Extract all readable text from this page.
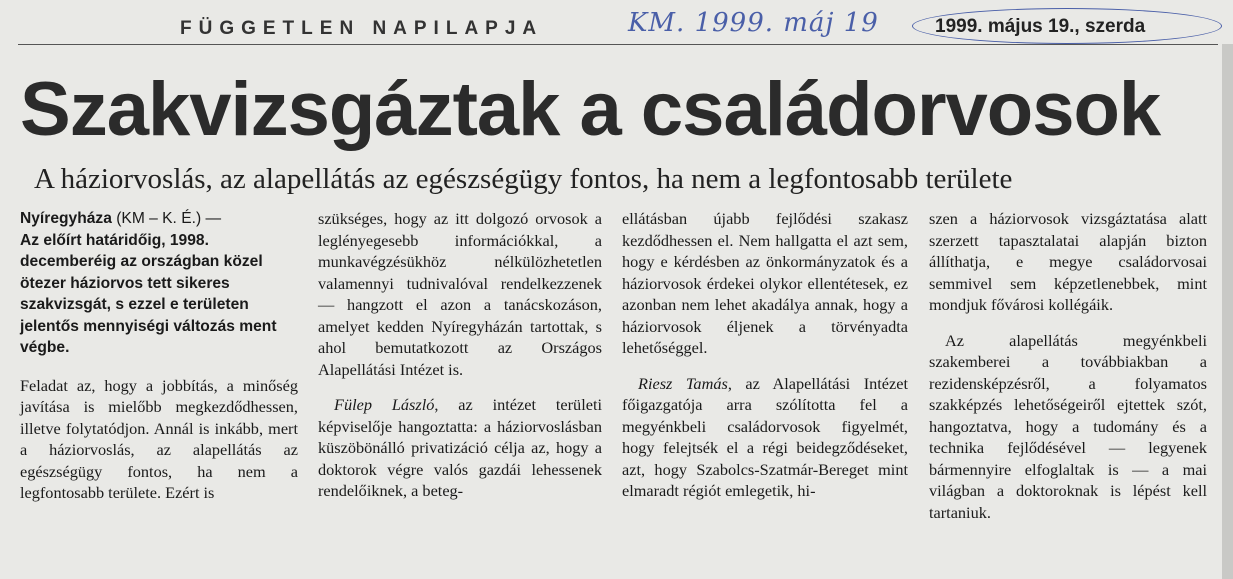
FÜGGETLEN NAPILAPJA	KM. 1999. máj 19	1999. május 19., szerda
Szakvizsgáztak a családorvosok
A háziorvoslás, az alapellátás az egészségügy fontos, ha nem a legfontosabb területe

Nyíregyháza (KM – K. É.) —
Az előírt határidőig, 1998. decemberéig az országban közel ötezer háziorvos tett sikeres szakvizsgát, s ezzel e területen jelentős mennyiségi változás ment végbe.

Feladat az, hogy a jobbítás, a minőség javítása is mielőbb megkezdődhessen, illetve folytatódjon. Annál is inkább, mert a háziorvoslás, az alapellátás az egészségügy fontos, ha nem a legfontosabb területe. Ezért is

szükséges, hogy az itt dolgozó orvosok a leglényegesebb információkkal, a munkavégzésükhöz nélkülözhetetlen valamennyi tudnivalóval rendelkezzenek — hangzott el azon a tanácskozáson, amelyet kedden Nyíregyházán tartottak, s ahol bemutatkozott az Országos Alapellátási Intézet is.

Fülep László, az intézet területi képviselője hangoztatta: a háziorvoslásban küszöbönálló privatizáció célja az, hogy a doktorok végre valós gazdái lehessenek rendelőiknek, a beteg-

ellátásban újabb fejlődési szakasz kezdődhessen el. Nem hallgatta el azt sem, hogy e kérdésben az önkormányzatok és a háziorvosok érdekei olykor ellentétesek, ez azonban nem lehet akadálya annak, hogy a háziorvosok éljenek a törvényadta lehetőséggel.

Riesz Tamás, az Alapellátási Intézet főigazgatója arra szólította fel a megyénkbeli családorvosok figyelmét, hogy felejtsék el a régi beidegződéseket, azt, hogy Szabolcs-Szatmár-Bereget mint elmaradt régiót emlegetik, hi-

szen a háziorvosok vizsgáztatása alatt szerzett tapasztalatai alapján bizton állíthatja, e megye családorvosai semmivel sem képzetlenebbek, mint mondjuk fővárosi kollégáik.

Az alapellátás megyénkbeli szakemberei a továbbiakban a rezidensképzésről, a folyamatos szakképzés lehetőségeiről ejtettek szót, hangoztatva, hogy a tudomány és a technika fejlődésével — legyenek bármennyire elfoglaltak is — a mai világban a doktoroknak is lépést kell tartaniuk.
